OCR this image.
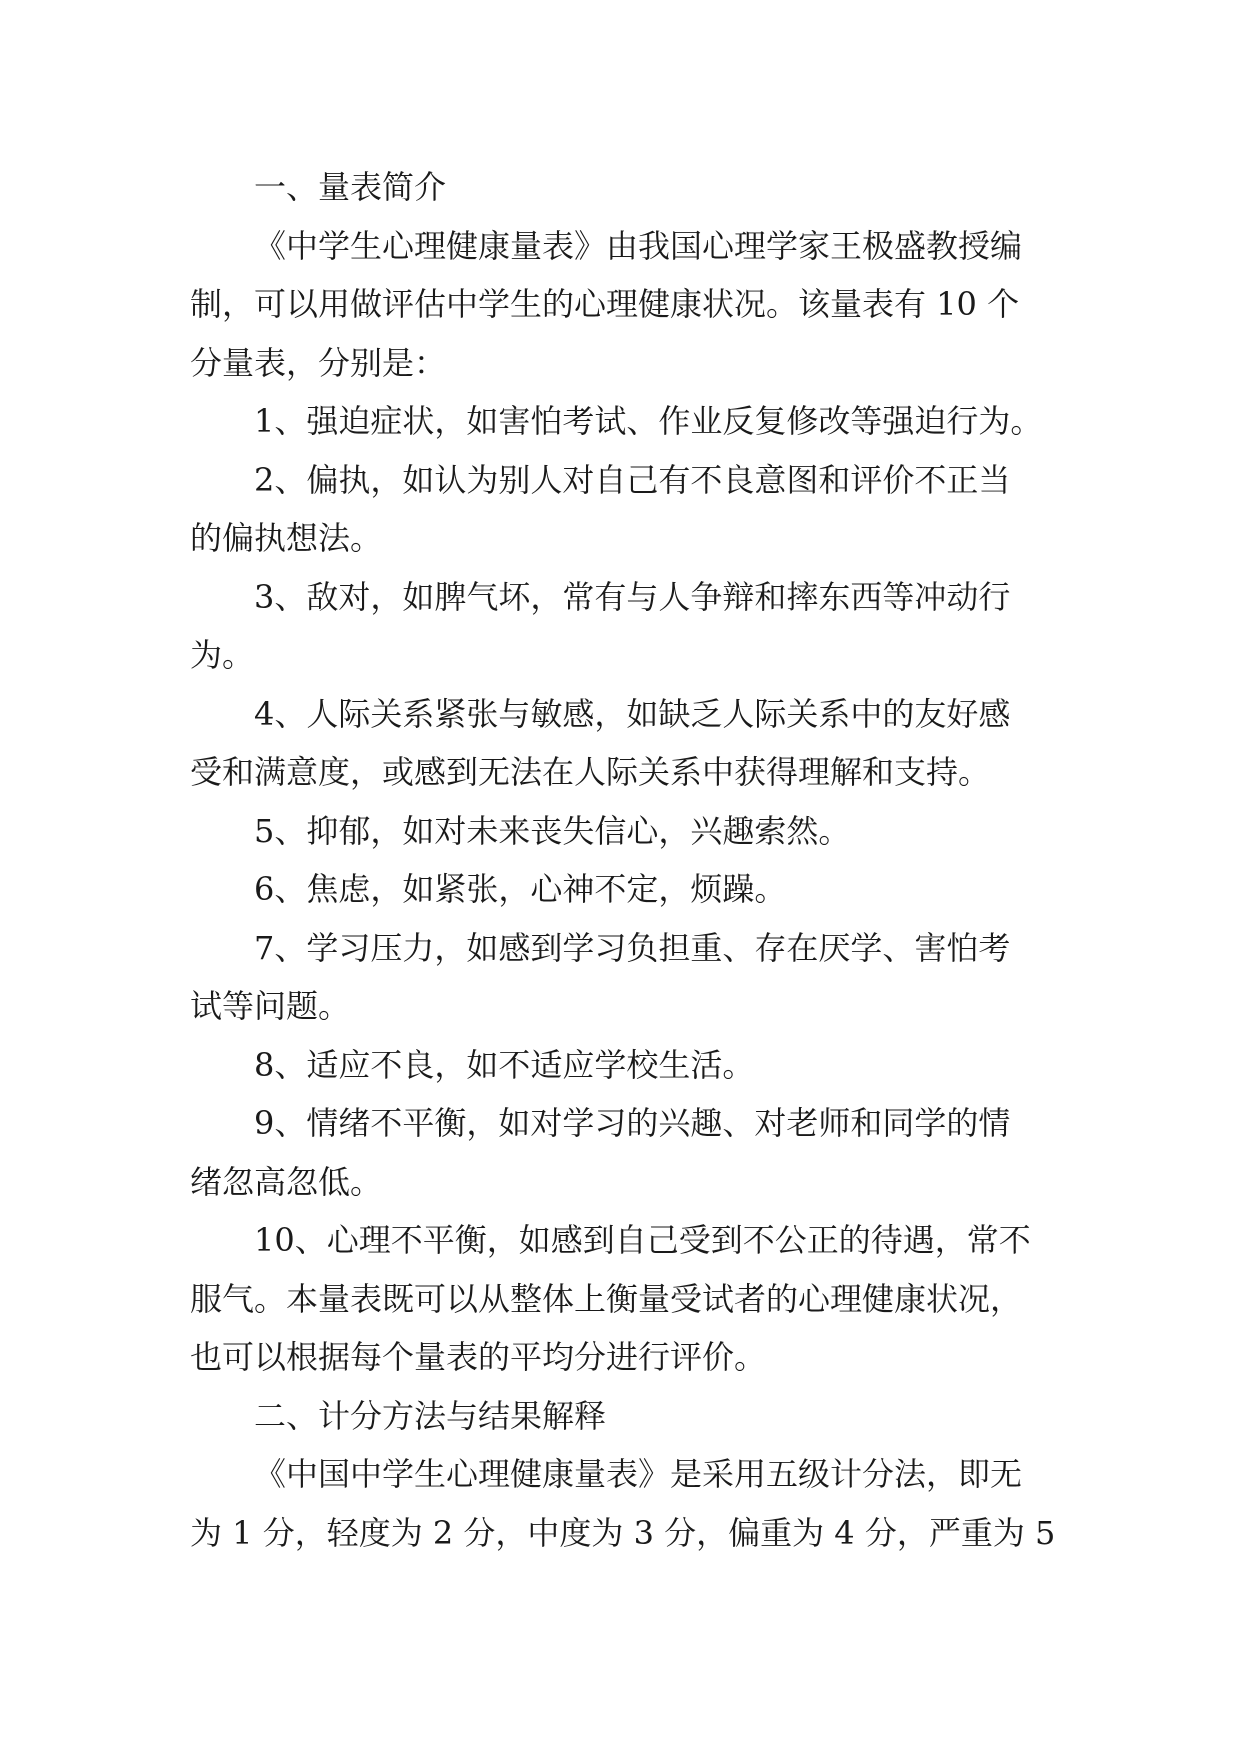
一、量表简介
《中学生心理健康量表》由我国心理学家王极盛教授编
制，可以用做评估中学生的心理健康状况。该量表有 10 个
分量表，分别是：
1、强迫症状，如害怕考试、作业反复修改等强迫行为。
2、偏执，如认为别人对自己有不良意图和评价不正当
的偏执想法。
3、敌对，如脾气坏，常有与人争辩和摔东西等冲动行
为。
4、人际关系紧张与敏感，如缺乏人际关系中的友好感
受和满意度，或感到无法在人际关系中获得理解和支持。
5、抑郁，如对未来丧失信心，兴趣索然。
6、焦虑，如紧张，心神不定，烦躁。
7、学习压力，如感到学习负担重、存在厌学、害怕考
试等问题。
8、适应不良，如不适应学校生活。
9、情绪不平衡，如对学习的兴趣、对老师和同学的情
绪忽高忽低。
10、心理不平衡，如感到自己受到不公正的待遇，常不
服气。本量表既可以从整体上衡量受试者的心理健康状况，
也可以根据每个量表的平均分进行评价。
二、计分方法与结果解释
《中国中学生心理健康量表》是采用五级计分法，即无
为 1 分，轻度为 2 分，中度为 3 分，偏重为 4 分，严重为 5
